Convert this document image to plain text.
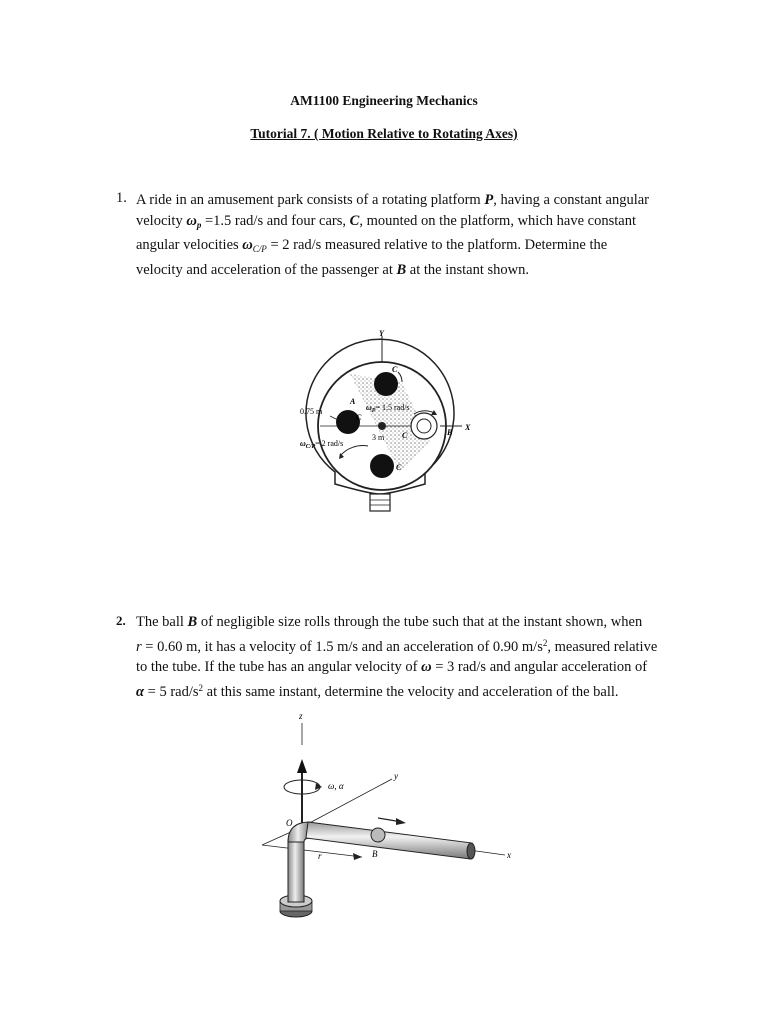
AM1100 Engineering Mechanics
Tutorial 7. ( Motion Relative to Rotating Axes)
1. A ride in an amusement park consists of a rotating platform P, having a constant angular

velocity $\omega_p =1.5$ rad/s and four cars, C, mounted on the platform, which have constant

angular velocities $\omega_{C/P} = 2$ rad/s measured relative to the platform. Determine the

velocity and acceleration of the passenger at B at the instant shown.

Y
X
0.75 m	$\omega_P= 1.5$ rad/s
$\omega_{C/P}= 2$ rad/s
3 m
C
C
C
C
A
B
2. The ball B of negligible size rolls through the tube such that at the instant shown, when

r = 0.60 m, it has a velocity of 1.5 m/s and an acceleration of 0.90 $m/s^2$, measured relative

to the tube. If the tube has an angular velocity of ω = 3 rad/s and angular acceleration of

α = 5 rad/$s^2$ at this same instant, determine the velocity and acceleration of the ball.

z
ω, α
y
x
r	B
O
